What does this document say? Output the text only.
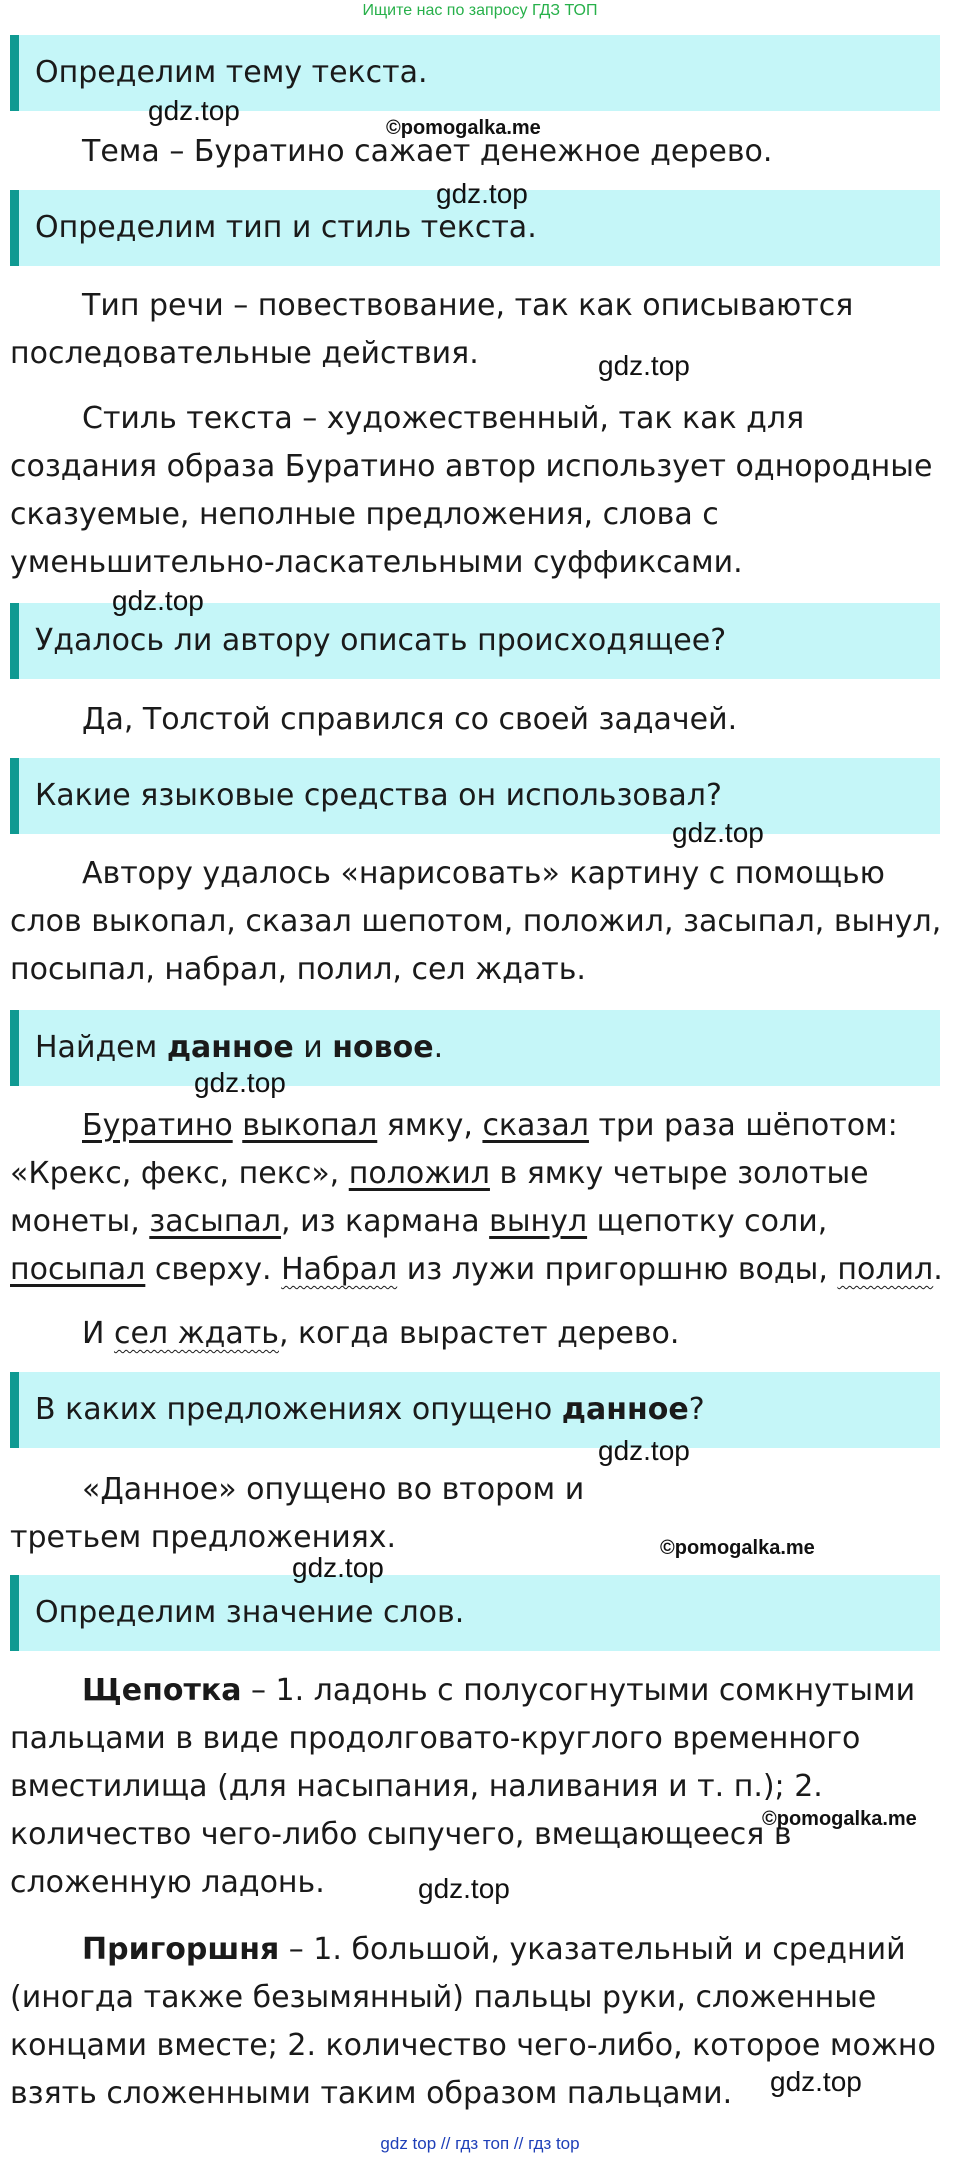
Ищите нас по запросу ГДЗ ТОП
Определим тему текста.

Тема – Буратино сажает денежное дерево.

Определим тип и стиль текста.

Тип речи – повествование, так как описываются последовательные действия.

Стиль текста – художественный, так как для создания образа Буратино автор использует однородные сказуемые, неполные предложения, слова с уменьшительно-ласкательными суффиксами.

Удалось ли автору описать происходящее?

Да, Толстой справился со своей задачей.

Какие языковые средства он использовал?

Автору удалось «нарисовать» картину с помощью слов выкопал, сказал шепотом, положил, засыпал, вынул, посыпал, набрал, полил, сел ждать.

Найдем данное и новое.

Буратино выкопал ямку, сказал три раза шёпотом: «Крекс, фекс, пекс», положил в ямку четыре золотые монеты, засыпал, из кармана вынул щепотку соли, посыпал сверху. Набрал из лужи пригоршню воды, полил.

И сел ждать, когда вырастет дерево.

В каких предложениях опущено данное?

«Данное» опущено во втором и третьем предложениях.

Определим значение слов.

Щепотка – 1. ладонь с полусогнутыми сомкнутыми пальцами в виде продолговато-круглого временного вместилища (для насыпания, наливания и т. п.); 2. количество чего-либо сыпучего, вмещающееся в сложенную ладонь.

Пригоршня – 1. большой, указательный и средний (иногда также безымянный) пальцы руки, сложенные концами вместе; 2. количество чего-либо, которое можно взять сложенными таким образом пальцами.

gdz.top
©pomogalka.me
gdz.top
gdz.top
gdz.top
gdz.top
gdz.top
gdz.top
©pomogalka.me
gdz.top
©pomogalka.me
gdz.top
gdz.top
gdz top // гдз топ // гдз top
